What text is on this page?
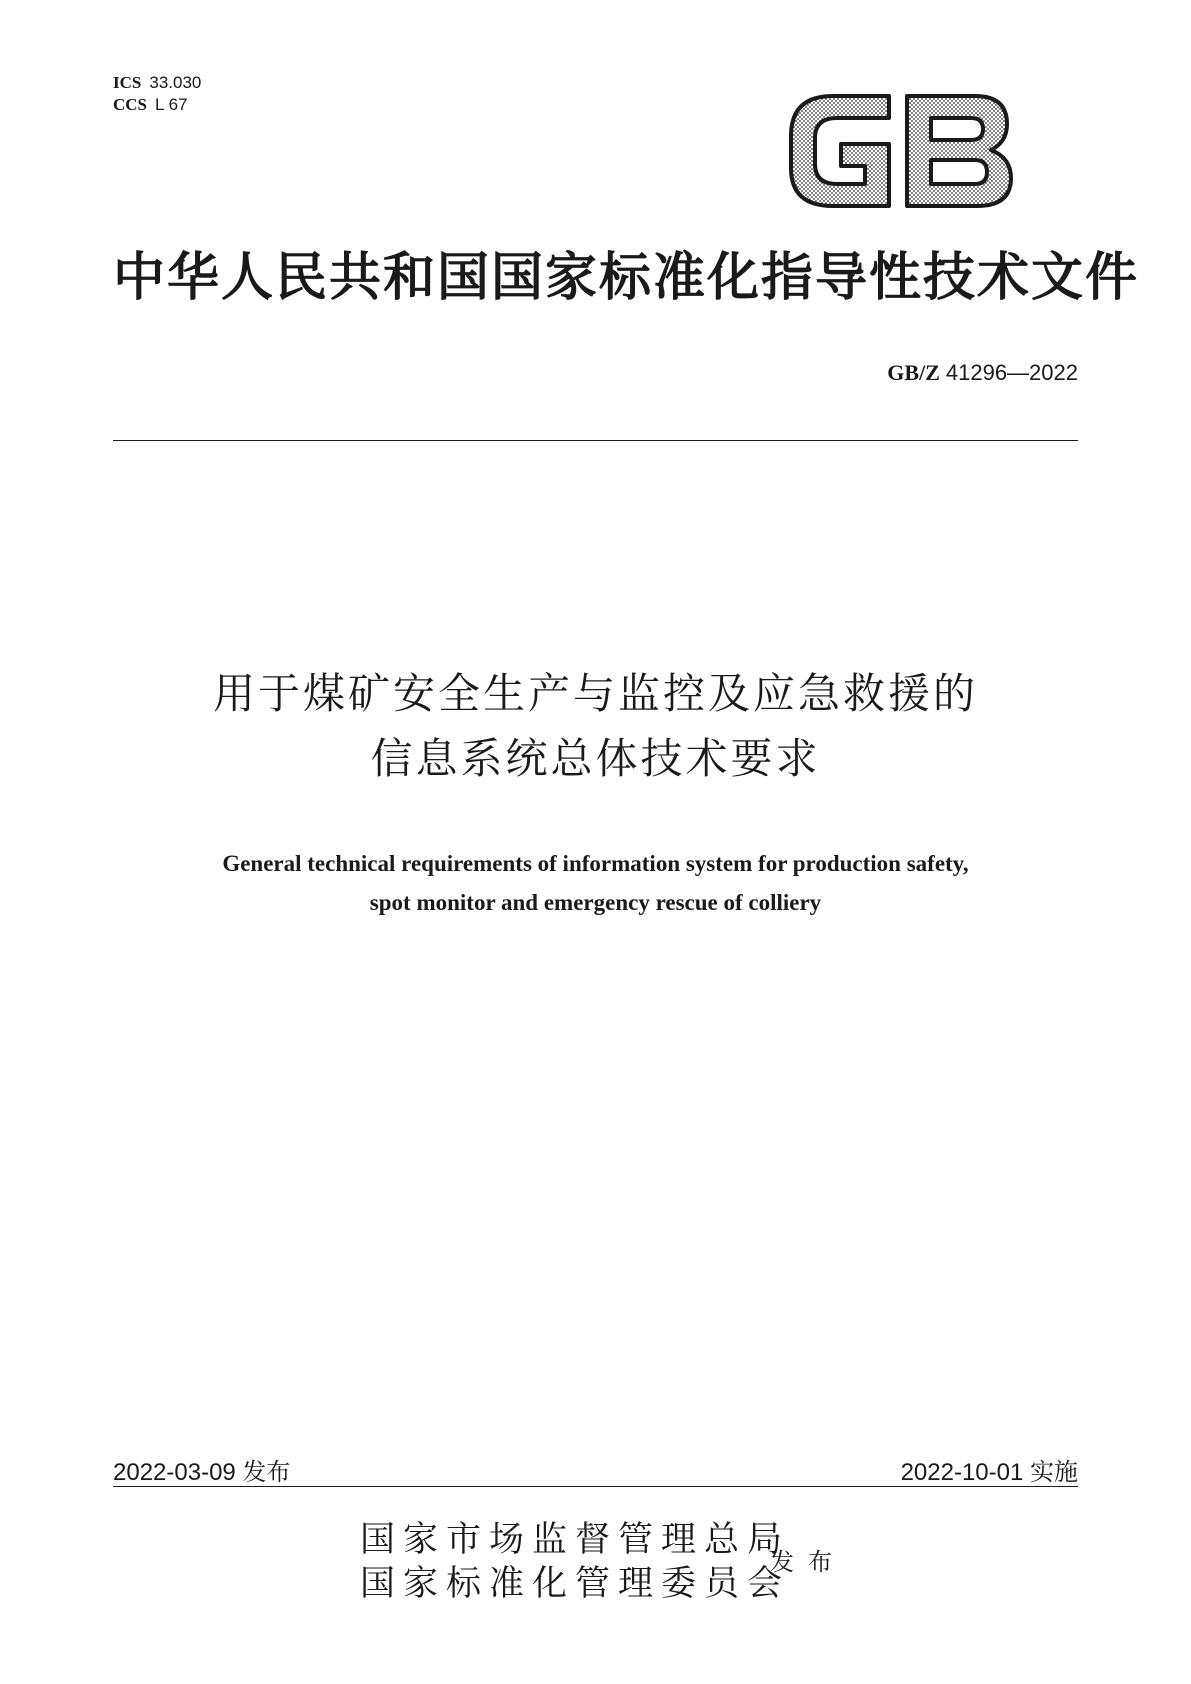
ICS 33.030
CCS L 67
中华人民共和国国家标准化指导性技术文件
GB/Z 41296—2022
用于煤矿安全生产与监控及应急救援的
信息系统总体技术要求
General technical requirements of information system for production safety,
spot monitor and emergency rescue of colliery
2022-03-09 发布	2022-10-01 实施
国家市场监督管理总局
国家标准化管理委员会
发布
